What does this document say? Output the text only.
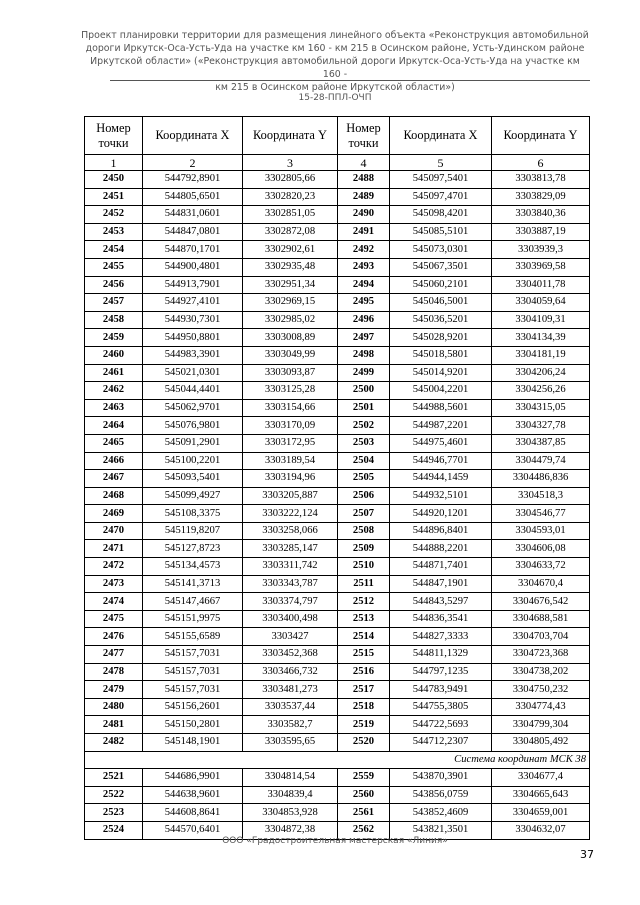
Проект планировки территории для размещения линейного объекта «Реконструкция автомобильной
дороги Иркутск-Оса-Усть-Уда на участке км 160 - км 215 в Осинском районе, Усть-Удинском районе
Иркутской области» («Реконструкция автомобильной дороги Иркутск-Оса-Усть-Уда на участке км 160 -
км 215 в Осинском районе Иркутской области»)
15-28-ППЛ-ОЧП
Номер точки	Координата X	Координата Y	Номер точки	Координата X	Координата Y
1	2	3	4	5	6
2450	544792,8901	3302805,66	2488	545097,5401	3303813,78
2451	544805,6501	3302820,23	2489	545097,4701	3303829,09
2452	544831,0601	3302851,05	2490	545098,4201	3303840,36
2453	544847,0801	3302872,08	2491	545085,5101	3303887,19
2454	544870,1701	3302902,61	2492	545073,0301	3303939,3
2455	544900,4801	3302935,48	2493	545067,3501	3303969,58
2456	544913,7901	3302951,34	2494	545060,2101	3304011,78
2457	544927,4101	3302969,15	2495	545046,5001	3304059,64
2458	544930,7301	3302985,02	2496	545036,5201	3304109,31
2459	544950,8801	3303008,89	2497	545028,9201	3304134,39
2460	544983,3901	3303049,99	2498	545018,5801	3304181,19
2461	545021,0301	3303093,87	2499	545014,9201	3304206,24
2462	545044,4401	3303125,28	2500	545004,2201	3304256,26
2463	545062,9701	3303154,66	2501	544988,5601	3304315,05
2464	545076,9801	3303170,09	2502	544987,2201	3304327,78
2465	545091,2901	3303172,95	2503	544975,4601	3304387,85
2466	545100,2201	3303189,54	2504	544946,7701	3304479,74
2467	545093,5401	3303194,96	2505	544944,1459	3304486,836
2468	545099,4927	3303205,887	2506	544932,5101	3304518,3
2469	545108,3375	3303222,124	2507	544920,1201	3304546,77
2470	545119,8207	3303258,066	2508	544896,8401	3304593,01
2471	545127,8723	3303285,147	2509	544888,2201	3304606,08
2472	545134,4573	3303311,742	2510	544871,7401	3304633,72
2473	545141,3713	3303343,787	2511	544847,1901	3304670,4
2474	545147,4667	3303374,797	2512	544843,5297	3304676,542
2475	545151,9975	3303400,498	2513	544836,3541	3304688,581
2476	545155,6589	3303427	2514	544827,3333	3304703,704
2477	545157,7031	3303452,368	2515	544811,1329	3304723,368
2478	545157,7031	3303466,732	2516	544797,1235	3304738,202
2479	545157,7031	3303481,273	2517	544783,9491	3304750,232
2480	545156,2601	3303537,44	2518	544755,3805	3304774,43
2481	545150,2801	3303582,7	2519	544722,5693	3304799,304
2482	545148,1901	3303595,65	2520	544712,2307	3304805,492
Система координат МСК 38					
2521	544686,9901	3304814,54	2559	543870,3901	3304677,4
2522	544638,9601	3304839,4	2560	543856,0759	3304665,643
2523	544608,8641	3304853,928	2561	543852,4609	3304659,001
2524	544570,6401	3304872,38	2562	543821,3501	3304632,07
ООО «Градостроительная мастерская «Линия»
37
